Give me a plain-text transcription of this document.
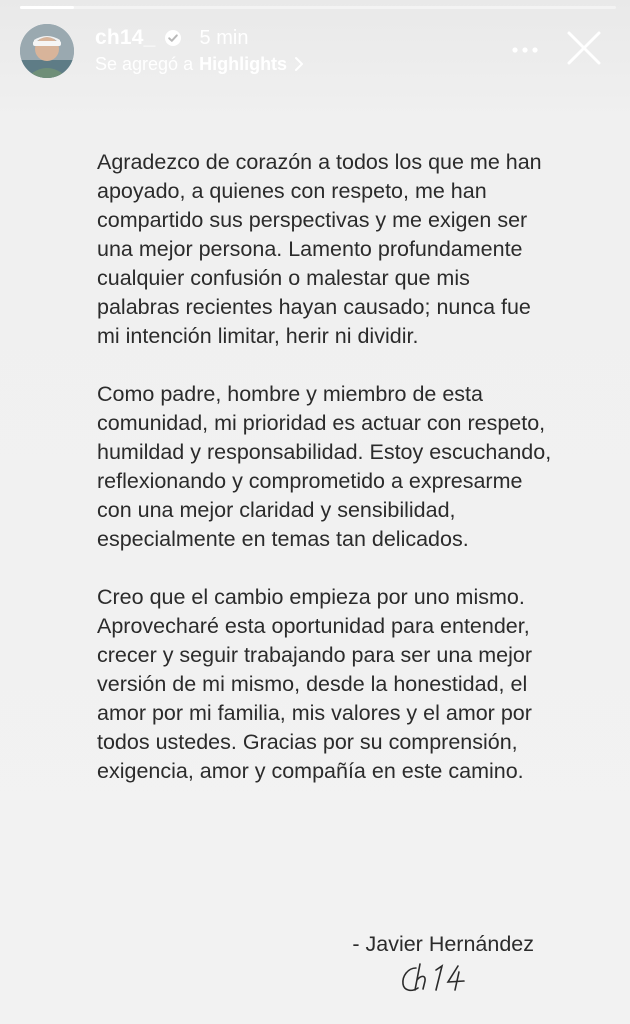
ch14_ 5 min
Se agregó a Highlights

Agradezco de corazón a todos los que me han apoyado, a quienes con respeto, me han compartido sus perspectivas y me exigen ser una mejor persona. Lamento profundamente cualquier confusión o malestar que mis palabras recientes hayan causado; nunca fue mi intención limitar, herir ni dividir.

Como padre, hombre y miembro de esta comunidad, mi prioridad es actuar con respeto, humildad y responsabilidad. Estoy escuchando, reflexionando y comprometido a expresarme con una mejor claridad y sensibilidad, especialmente en temas tan delicados.

Creo que el cambio empieza por uno mismo. Aprovecharé esta oportunidad para entender, crecer y seguir trabajando para ser una mejor versión de mi mismo, desde la honestidad, el amor por mi familia, mis valores y el amor por todos ustedes. Gracias por su comprensión, exigencia, amor y compañía en este camino.

- Javier Hernández
